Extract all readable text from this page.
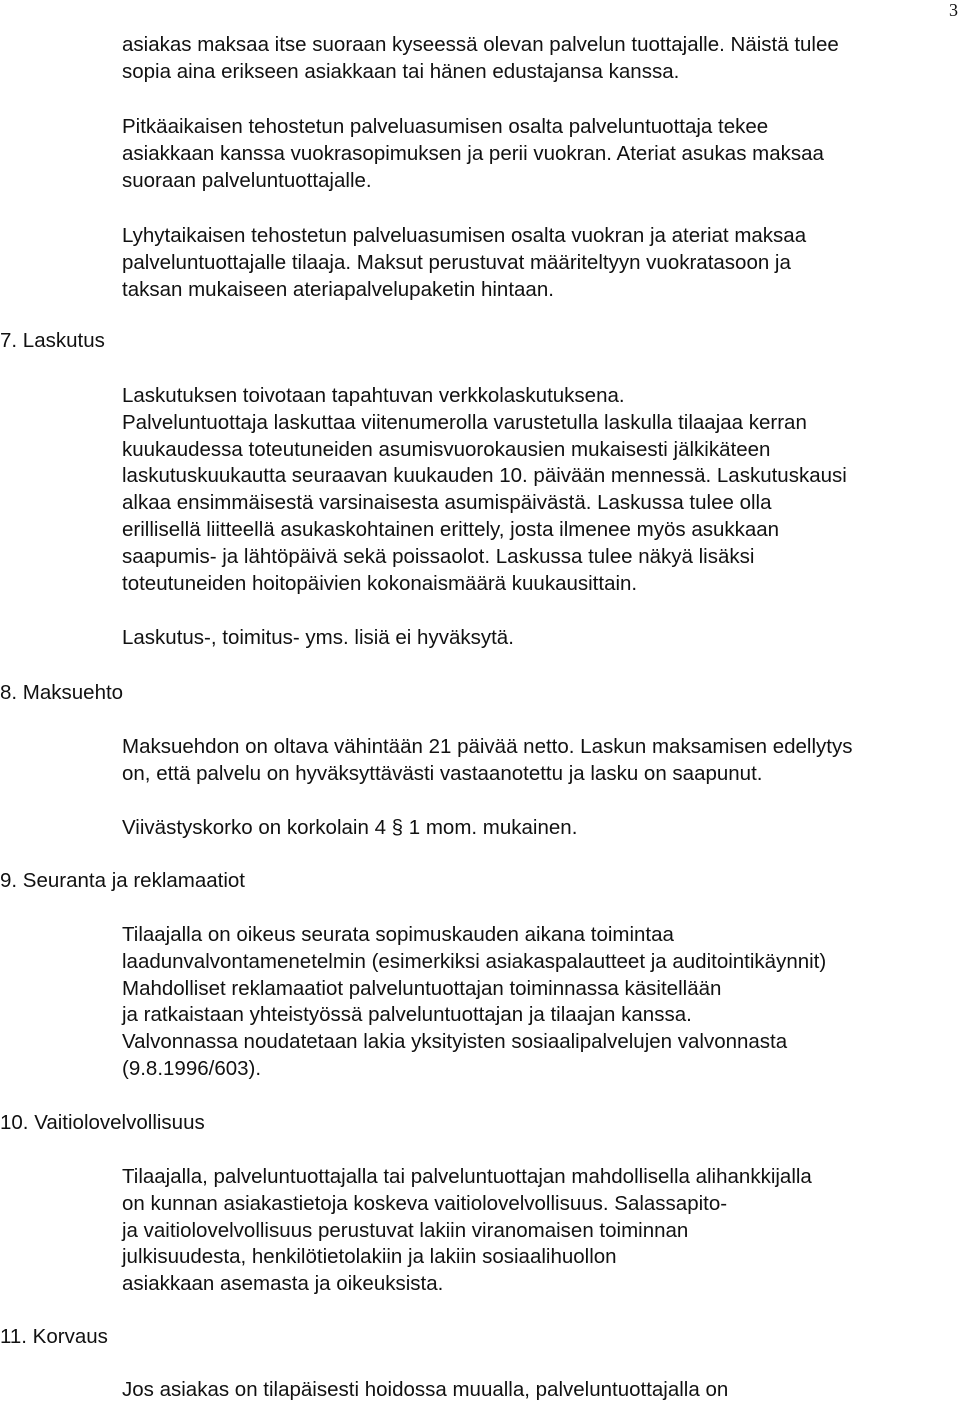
3

asiakas maksaa itse suoraan kyseessä olevan palvelun tuottajalle. Näistä tulee
sopia aina erikseen asiakkaan tai hänen edustajansa kanssa.

Pitkäaikaisen tehostetun palveluasumisen osalta palveluntuottaja tekee
asiakkaan kanssa vuokrasopimuksen ja perii vuokran. Ateriat asukas maksaa
suoraan palveluntuottajalle.

Lyhytaikaisen tehostetun palveluasumisen osalta vuokran ja ateriat maksaa
palveluntuottajalle tilaaja. Maksut perustuvat määriteltyyn vuokratasoon ja
taksan mukaiseen ateriapalvelupaketin hintaan.

7. Laskutus

Laskutuksen toivotaan tapahtuvan verkkolaskutuksena.
Palveluntuottaja laskuttaa viitenumerolla varustetulla laskulla tilaajaa kerran
kuukaudessa toteutuneiden asumisvuorokausien mukaisesti jälkikäteen
laskutuskuukautta seuraavan kuukauden 10. päivään mennessä. Laskutuskausi
alkaa ensimmäisestä varsinaisesta asumispäivästä. Laskussa tulee olla
erillisellä liitteellä asukaskohtainen erittely, josta ilmenee myös asukkaan
saapumis- ja lähtöpäivä sekä poissaolot. Laskussa tulee näkyä lisäksi
toteutuneiden hoitopäivien kokonaismäärä kuukausittain.

Laskutus-, toimitus- yms. lisiä ei hyväksytä.

8. Maksuehto

Maksuehdon on oltava vähintään 21 päivää netto. Laskun maksamisen edellytys
on, että palvelu on hyväksyttävästi vastaanotettu ja lasku on saapunut.

Viivästyskorko on korkolain 4 § 1 mom. mukainen.

9. Seuranta ja reklamaatiot

Tilaajalla on oikeus seurata sopimuskauden aikana toimintaa
laadunvalvontamenetelmin (esimerkiksi asiakaspalautteet ja auditointikäynnit)
Mahdolliset reklamaatiot palveluntuottajan toiminnassa käsitellään
ja ratkaistaan yhteistyössä palveluntuottajan ja tilaajan kanssa.
Valvonnassa noudatetaan lakia yksityisten sosiaalipalvelujen valvonnasta
(9.8.1996/603).

10. Vaitiolovelvollisuus

Tilaajalla, palveluntuottajalla tai palveluntuottajan mahdollisella alihankkijalla
on kunnan asiakastietoja koskeva vaitiolovelvollisuus. Salassapito-
ja vaitiolovelvollisuus perustuvat lakiin viranomaisen toiminnan
julkisuudesta, henkilötietolakiin ja lakiin sosiaalihuollon
asiakkaan asemasta ja oikeuksista.

11. Korvaus

Jos asiakas on tilapäisesti hoidossa muualla, palveluntuottajalla on
